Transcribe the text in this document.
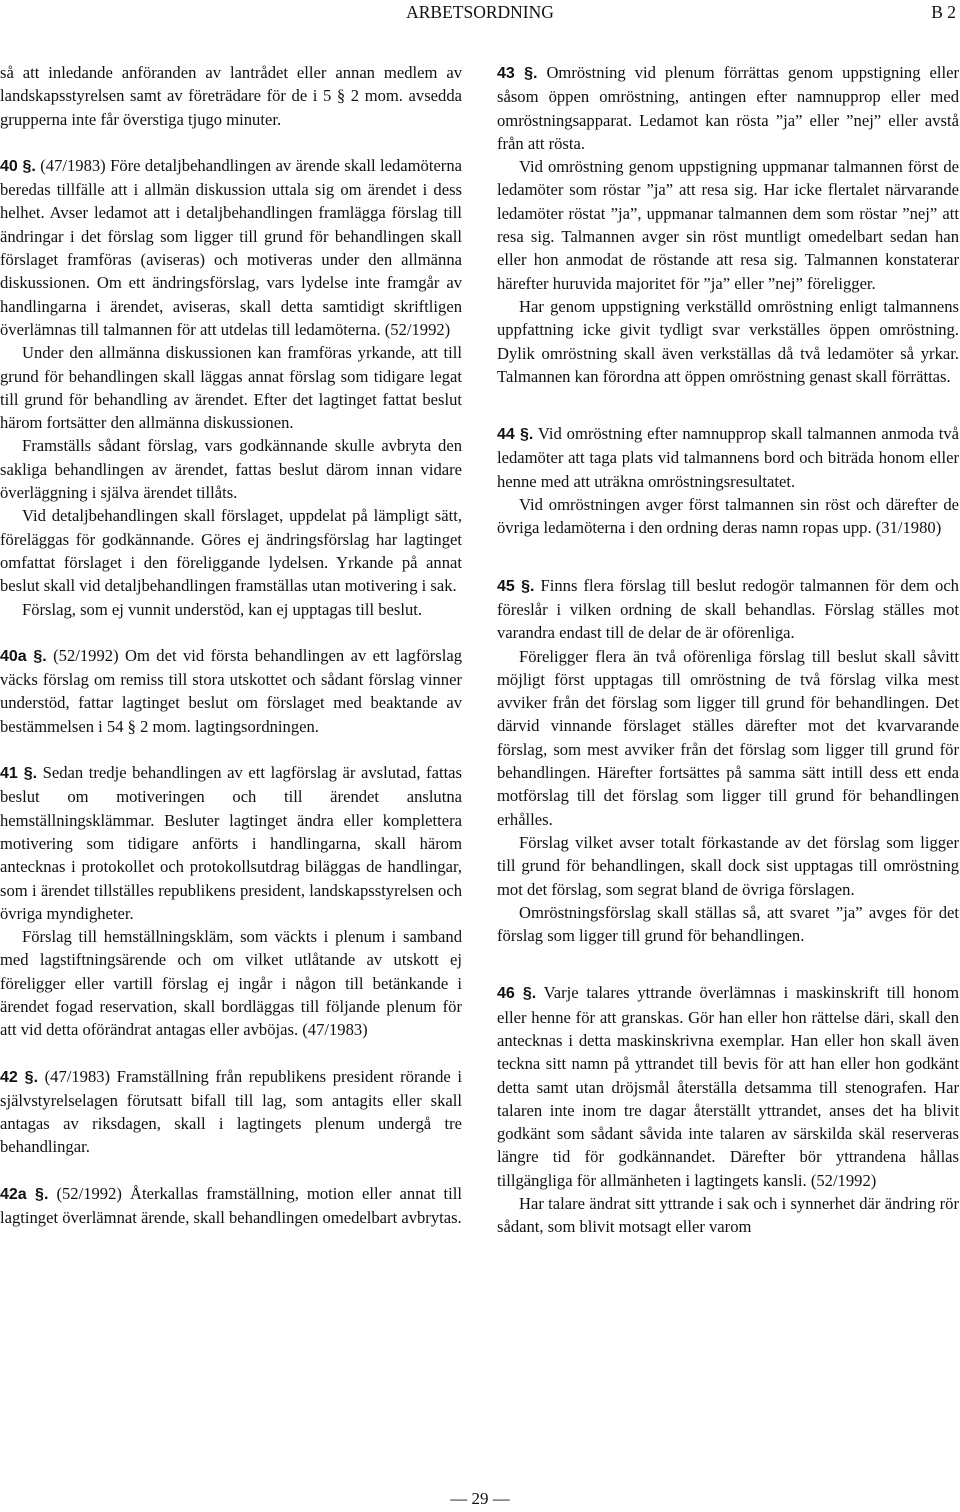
ARBETSORDNING	B 2

så att inledande anföranden av lantrådet eller annan medlem av landskapsstyrelsen samt av företrädare för de i 5 § 2 mom. avsedda grupperna inte får överstiga tjugo minuter.

40 §. (47/1983) Före detaljbehandlingen av ärende skall ledamöterna beredas tillfälle att i allmän diskussion uttala sig om ärendet i dess helhet. Avser ledamot att i detaljbehandlingen framlägga förslag till ändringar i det förslag som ligger till grund för behandlingen skall förslaget framföras (aviseras) och motiveras under den allmänna diskussionen. Om ett ändringsförslag, vars lydelse inte framgår av handlingarna i ärendet, aviseras, skall detta samtidigt skriftligen överlämnas till talmannen för att utdelas till ledamöterna. (52/1992)

Under den allmänna diskussionen kan framföras yrkande, att till grund för behandlingen skall läggas annat förslag som tidigare legat till grund för behandling av ärendet. Efter det lagtinget fattat beslut härom fortsätter den allmänna diskussionen.

Framställs sådant förslag, vars godkännande skulle avbryta den sakliga behandlingen av ärendet, fattas beslut därom innan vidare överläggning i själva ärendet tillåts.

Vid detaljbehandlingen skall förslaget, uppdelat på lämpligt sätt, föreläggas för godkännande. Göres ej ändringsförslag har lagtinget omfattat förslaget i den föreliggande lydelsen. Yrkande på annat beslut skall vid detaljbehandlingen framställas utan motivering i sak.

Förslag, som ej vunnit understöd, kan ej upptagas till beslut.

40a §. (52/1992) Om det vid första behandlingen av ett lagförslag väcks förslag om remiss till stora utskottet och sådant förslag vinner understöd, fattar lagtinget beslut om förslaget med beaktande av bestämmelsen i 54 § 2 mom. lagtingsordningen.

41 §. Sedan tredje behandlingen av ett lagförslag är avslutad, fattas beslut om motiveringen och till ärendet anslutna hemställningsklämmar. Besluter lagtinget ändra eller komplettera motivering som tidigare anförts i handlingarna, skall härom antecknas i protokollet och protokollsutdrag biläggas de handlingar, som i ärendet tillställes republikens president, landskapsstyrelsen och övriga myndigheter.

Förslag till hemställningskläm, som väckts i plenum i samband med lagstiftningsärende och om vilket utlåtande av utskott ej föreligger eller vartill förslag ej ingår i någon till betänkande i ärendet fogad reservation, skall bordläggas till följande plenum för att vid detta oförändrat antagas eller avböjas. (47/1983)

42 §. (47/1983) Framställning från republikens president rörande i självstyrelselagen förutsatt bifall till lag, som antagits eller skall antagas av riksdagen, skall i lagtingets plenum undergå tre behandlingar.

42a §. (52/1992) Återkallas framställning, motion eller annat till lagtinget överlämnat ärende, skall behandlingen omedelbart avbrytas.

43 §. Omröstning vid plenum förrättas genom uppstigning eller såsom öppen omröstning, antingen efter namnupprop eller med omröstningsapparat. Ledamot kan rösta ”ja” eller ”nej” eller avstå från att rösta.

Vid omröstning genom uppstigning uppmanar talmannen först de ledamöter som röstar ”ja” att resa sig. Har icke flertalet närvarande ledamöter röstat ”ja”, uppmanar talmannen dem som röstar ”nej” att resa sig. Talmannen avger sin röst muntligt omedelbart sedan han eller hon anmodat de röstande att resa sig. Talmannen konstaterar härefter huruvida majoritet för ”ja” eller ”nej” föreligger.

Har genom uppstigning verkställd omröstning enligt talmannens uppfattning icke givit tydligt svar verkställes öppen omröstning. Dylik omröstning skall även verkställas då två ledamöter så yrkar. Talmannen kan förordna att öppen omröstning genast skall förrättas.

44 §. Vid omröstning efter namnupprop skall talmannen anmoda två ledamöter att taga plats vid talmannens bord och biträda honom eller henne med att uträkna omröstningsresultatet.

Vid omröstningen avger först talmannen sin röst och därefter de övriga ledamöterna i den ordning deras namn ropas upp. (31/1980)

45 §. Finns flera förslag till beslut redogör talmannen för dem och föreslår i vilken ordning de skall behandlas. Förslag ställes mot varandra endast till de delar de är oförenliga.

Föreligger flera än två oförenliga förslag till beslut skall såvitt möjligt först upptagas till omröstning de två förslag vilka mest avviker från det förslag som ligger till grund för behandlingen. Det därvid vinnande förslaget ställes därefter mot det kvarvarande förslag, som mest avviker från det förslag som ligger till grund för behandlingen. Härefter fortsättes på samma sätt intill dess ett enda motförslag till det förslag som ligger till grund för behandlingen erhålles.

Förslag vilket avser totalt förkastande av det förslag som ligger till grund för behandlingen, skall dock sist upptagas till omröstning mot det förslag, som segrat bland de övriga förslagen.

Omröstningsförslag skall ställas så, att svaret ”ja” avges för det förslag som ligger till grund för behandlingen.

46 §. Varje talares yttrande överlämnas i maskinskrift till honom eller henne för att granskas. Gör han eller hon rättelse däri, skall den antecknas i detta maskinskrivna exemplar. Han eller hon skall även teckna sitt namn på yttrandet till bevis för att han eller hon godkänt detta samt utan dröjsmål återställa detsamma till stenografen. Har talaren inte inom tre dagar återställt yttrandet, anses det ha blivit godkänt som sådant såvida inte talaren av särskilda skäl reserveras längre tid för godkännandet. Därefter bör yttrandena hållas tillgängliga för allmänheten i lagtingets kansli. (52/1992)

Har talare ändrat sitt yttrande i sak och i synnerhet där ändring rör sådant, som blivit motsagt eller varom

— 29 —
